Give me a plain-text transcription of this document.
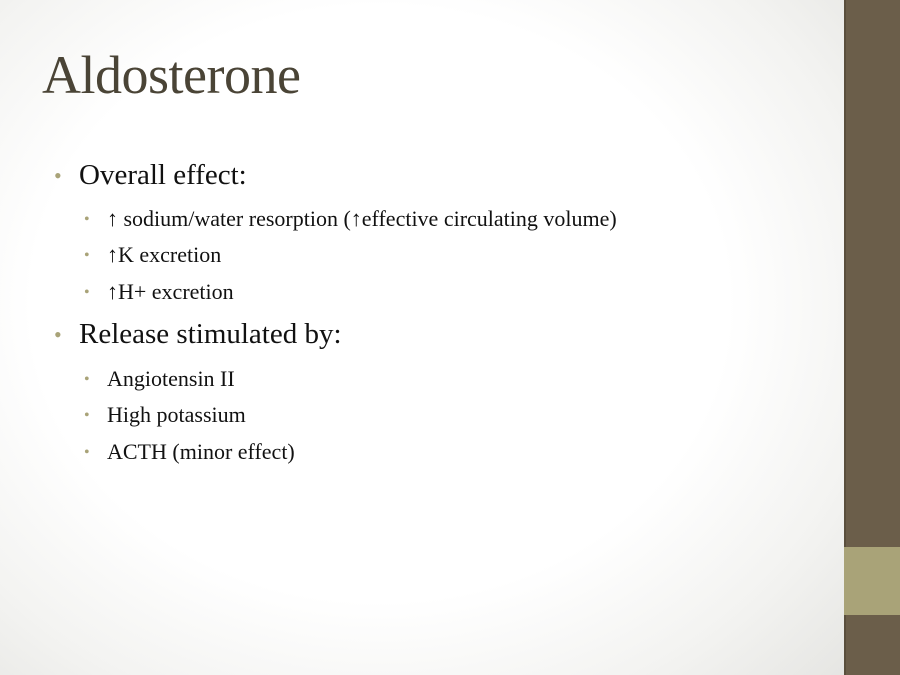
Aldosterone
• Overall effect:
• ↑ sodium/water resorption (↑effective circulating volume)
• ↑K excretion
• ↑H+ excretion
• Release stimulated by:
• Angiotensin II
• High potassium
• ACTH (minor effect)
